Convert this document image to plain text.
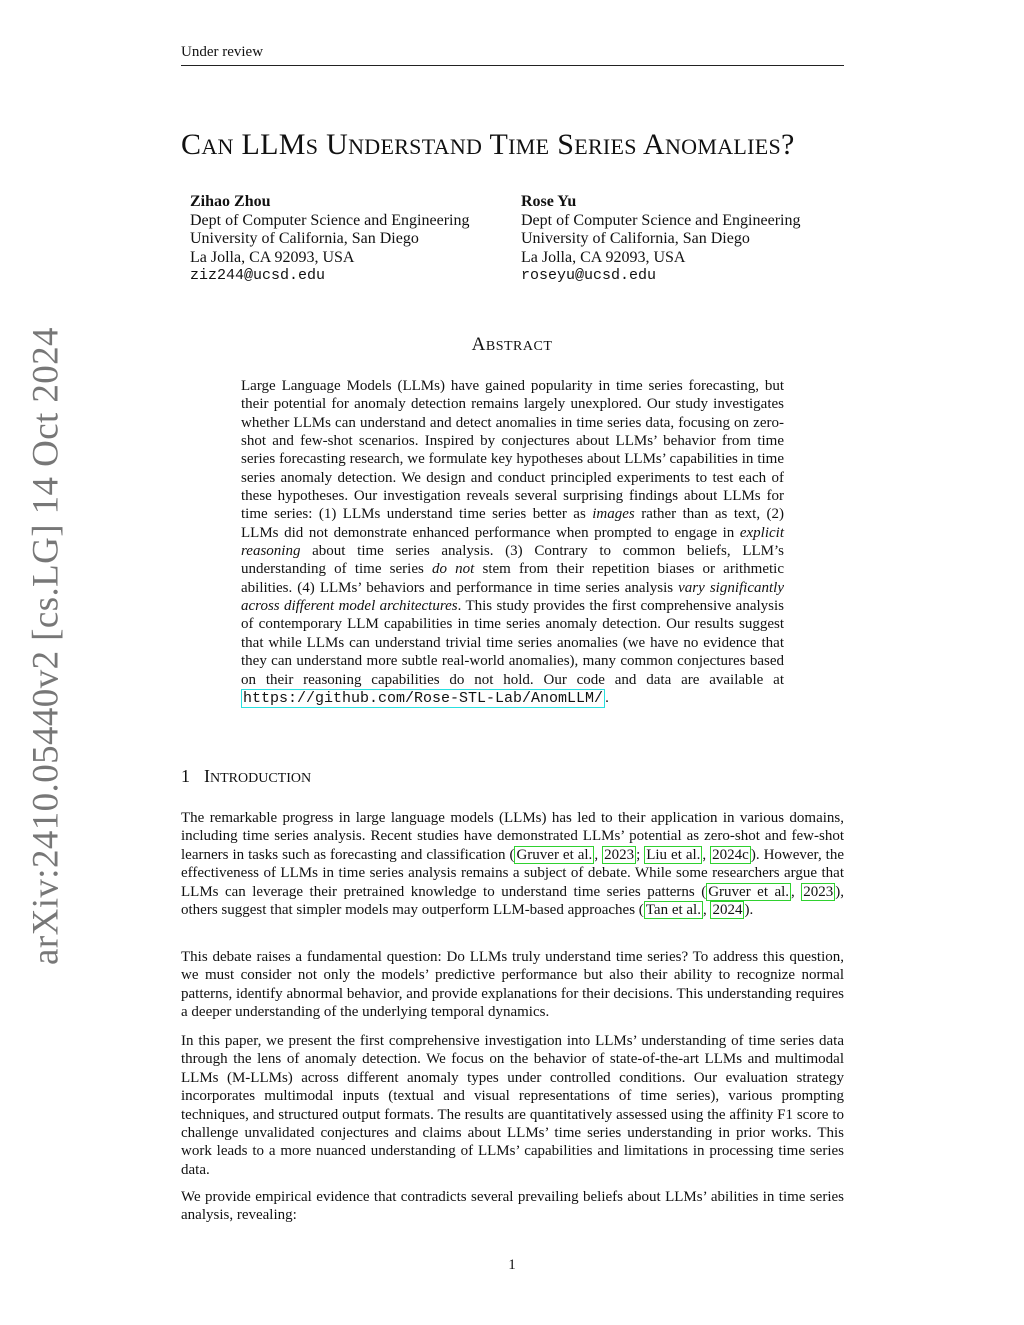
Under review
CAN LLMS UNDERSTAND TIME SERIES ANOMALIES?
Zihao Zhou
Dept of Computer Science and Engineering
University of California, San Diego
La Jolla, CA 92093, USA
ziz244@ucsd.edu
Rose Yu
Dept of Computer Science and Engineering
University of California, San Diego
La Jolla, CA 92093, USA
roseyu@ucsd.edu
arXiv:2410.05440v2 [cs.LG] 14 Oct 2024	ABSTRACT
Large Language Models (LLMs) have gained popularity in time series forecasting, but their potential for anomaly detection remains largely unexplored. Our study investigates whether LLMs can understand and detect anomalies in time series data, focusing on zero-shot and few-shot scenarios. Inspired by conjectures about LLMs’ behavior from time series forecasting research, we formulate key hypotheses about LLMs’ capabilities in time series anomaly detection. We design and conduct principled experiments to test each of these hypotheses. Our investigation reveals several surprising findings about LLMs for time series: (1) LLMs understand time series better as images rather than as text, (2) LLMs did not demonstrate enhanced performance when prompted to engage in explicit reasoning about time series analysis. (3) Contrary to common beliefs, LLM’s understanding of time series do not stem from their repetition biases or arithmetic abilities. (4) LLMs’ behaviors and performance in time series analysis vary significantly across different model architectures. This study provides the first comprehensive analysis of contemporary LLM capabilities in time series anomaly detection. Our results suggest that while LLMs can understand trivial time series anomalies (we have no evidence that they can understand more subtle real-world anomalies), many common conjectures based on their reasoning capabilities do not hold. Our code and data are available at https://github.com/Rose-STL-Lab/AnomLLM/ .
1 INTRODUCTION
The remarkable progress in large language models (LLMs) has led to their application in various domains, including time series analysis. Recent studies have demonstrated LLMs’ potential as zero-shot and few-shot learners in tasks such as forecasting and classification ( Gruver et al. , 2023 ; Liu et al. , 2024c ). However, the effectiveness of LLMs in time series analysis remains a subject of debate. While some researchers argue that LLMs can leverage their pretrained knowledge to understand time series patterns ( Gruver et al. , 2023 ), others suggest that simpler models may outperform LLM-based approaches ( Tan et al. , 2024 ).
This debate raises a fundamental question: Do LLMs truly understand time series? To address this question, we must consider not only the models’ predictive performance but also their ability to recognize normal patterns, identify abnormal behavior, and provide explanations for their decisions. This understanding requires a deeper understanding of the underlying temporal dynamics.
In this paper, we present the first comprehensive investigation into LLMs’ understanding of time series data through the lens of anomaly detection. We focus on the behavior of state-of-the-art LLMs and multimodal LLMs (M-LLMs) across different anomaly types under controlled conditions. Our evaluation strategy incorporates multimodal inputs (textual and visual representations of time series), various prompting techniques, and structured output formats. The results are quantitatively assessed using the affinity F1 score to challenge unvalidated conjectures and claims about LLMs’ time series understanding in prior works. This work leads to a more nuanced understanding of LLMs’ capabilities and limitations in processing time series data.
We provide empirical evidence that contradicts several prevailing beliefs about LLMs’ abilities in time series analysis, revealing:
1
